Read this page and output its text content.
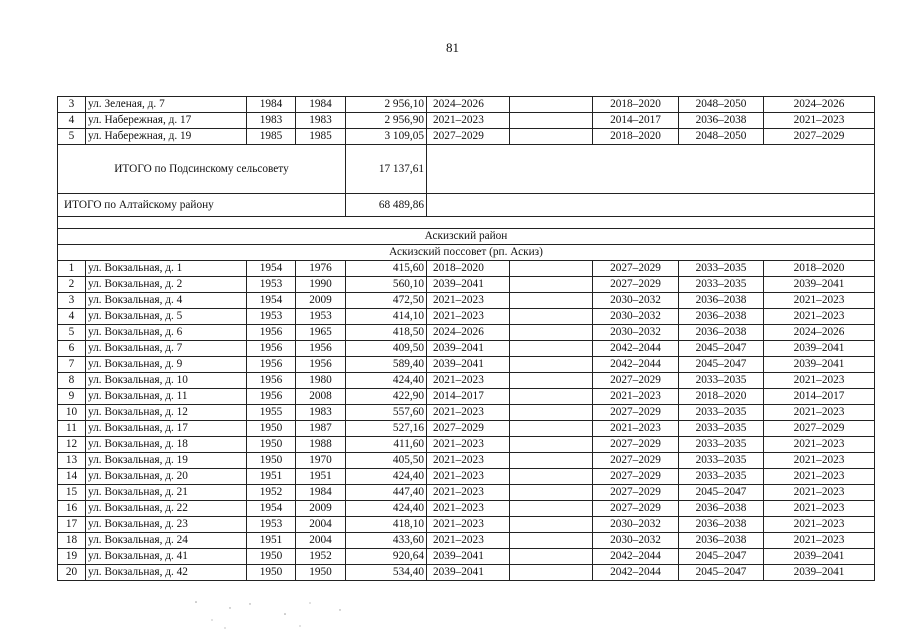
81
3	ул. Зеленая, д. 7	1984	1984	2 956,10	2024–2026		2018–2020	2048–2050	2024–2026
4	ул. Набережная, д. 17	1983	1983	2 956,90	2021–2023		2014–2017	2036–2038	2021–2023
5	ул. Набережная, д. 19	1985	1985	3 109,05	2027–2029		2018–2020	2048–2050	2027–2029
ИТОГО по Подсинскому сельсовету				17 137,61					
ИТОГО по Алтайскому району				68 489,86					

Аскизский район									
Аскизский поссовет (рп. Аскиз)									
1	ул. Вокзальная, д. 1	1954	1976	415,60	2018–2020		2027–2029	2033–2035	2018–2020
2	ул. Вокзальная, д. 2	1953	1990	560,10	2039–2041		2027–2029	2033–2035	2039–2041
3	ул. Вокзальная, д. 4	1954	2009	472,50	2021–2023		2030–2032	2036–2038	2021–2023
4	ул. Вокзальная, д. 5	1953	1953	414,10	2021–2023		2030–2032	2036–2038	2021–2023
5	ул. Вокзальная, д. 6	1956	1965	418,50	2024–2026		2030–2032	2036–2038	2024–2026
6	ул. Вокзальная, д. 7	1956	1956	409,50	2039–2041		2042–2044	2045–2047	2039–2041
7	ул. Вокзальная, д. 9	1956	1956	589,40	2039–2041		2042–2044	2045–2047	2039–2041
8	ул. Вокзальная, д. 10	1956	1980	424,40	2021–2023		2027–2029	2033–2035	2021–2023
9	ул. Вокзальная, д. 11	1956	2008	422,90	2014–2017		2021–2023	2018–2020	2014–2017
10	ул. Вокзальная, д. 12	1955	1983	557,60	2021–2023		2027–2029	2033–2035	2021–2023
11	ул. Вокзальная, д. 17	1950	1987	527,16	2027–2029		2021–2023	2033–2035	2027–2029
12	ул. Вокзальная, д. 18	1950	1988	411,60	2021–2023		2027–2029	2033–2035	2021–2023
13	ул. Вокзальная, д. 19	1950	1970	405,50	2021–2023		2027–2029	2033–2035	2021–2023
14	ул. Вокзальная, д. 20	1951	1951	424,40	2021–2023		2027–2029	2033–2035	2021–2023
15	ул. Вокзальная, д. 21	1952	1984	447,40	2021–2023		2027–2029	2045–2047	2021–2023
16	ул. Вокзальная, д. 22	1954	2009	424,40	2021–2023		2027–2029	2036–2038	2021–2023
17	ул. Вокзальная, д. 23	1953	2004	418,10	2021–2023		2030–2032	2036–2038	2021–2023
18	ул. Вокзальная, д. 24	1951	2004	433,60	2021–2023		2030–2032	2036–2038	2021–2023
19	ул. Вокзальная, д. 41	1950	1952	920,64	2039–2041		2042–2044	2045–2047	2039–2041
20	ул. Вокзальная, д. 42	1950	1950	534,40	2039–2041		2042–2044	2045–2047	2039–2041
